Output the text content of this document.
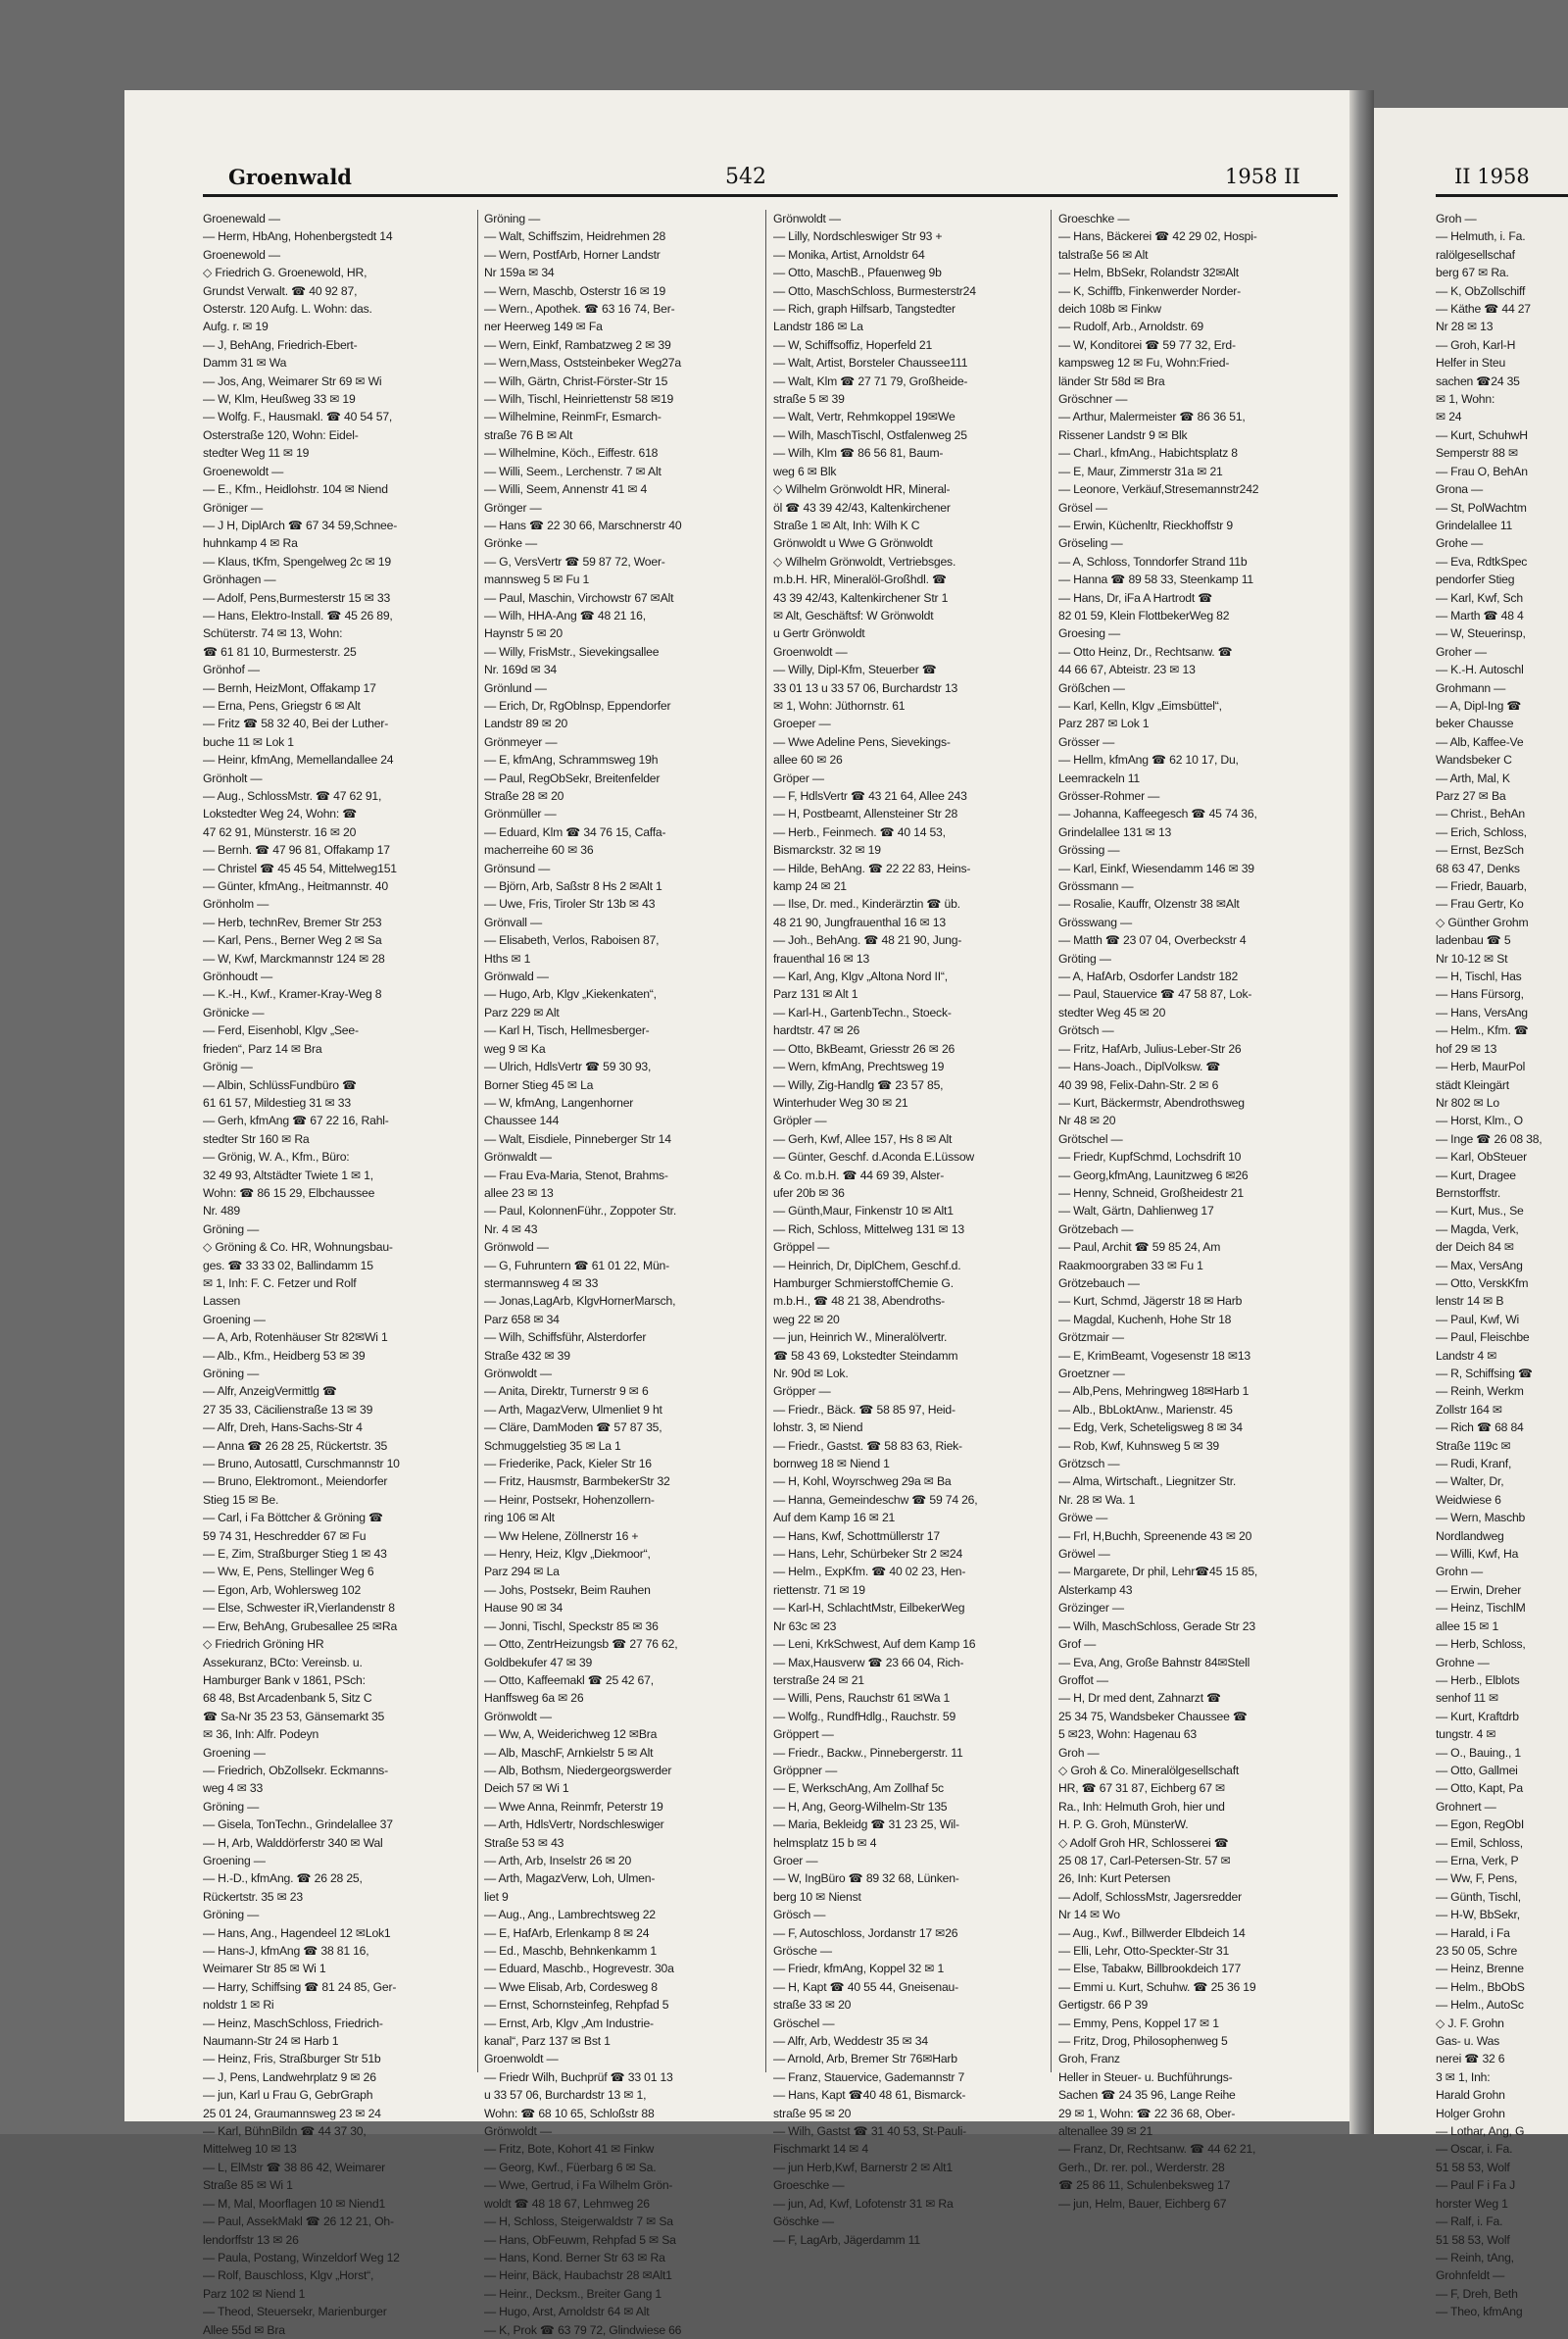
Groenwald	542	1958 II	II 1958
Groenewald —
— Herm, HbAng, Hohenbergstedt 14
Groenewold —
◇ Friedrich G. Groenewold, HR,
Grundst Verwalt. ☎ 40 92 87,
Osterstr. 120 Aufg. L. Wohn: das.
Aufg. r. ✉ 19
— J, BehAng, Friedrich-Ebert-
Damm 31 ✉ Wa
— Jos, Ang, Weimarer Str 69 ✉ Wi
— W, Klm, Heußweg 33 ✉ 19
— Wolfg. F., Hausmakl. ☎ 40 54 57,
Osterstraße 120, Wohn: Eidel-
stedter Weg 11 ✉ 19
Groenewoldt —
— E., Kfm., Heidlohstr. 104 ✉ Niend
Gröniger —
— J H, DiplArch ☎ 67 34 59,Schnee-
huhnkamp 4 ✉ Ra
— Klaus, tKfm, Spengelweg 2c ✉ 19
Grönhagen —
— Adolf, Pens,Burmesterstr 15 ✉ 33
— Hans, Elektro-Install. ☎ 45 26 89,
Schüterstr. 74 ✉ 13, Wohn:
☎ 61 81 10, Burmesterstr. 25
Grönhof —
— Bernh, HeizMont, Offakamp 17
— Erna, Pens, Griegstr 6 ✉ Alt
— Fritz ☎ 58 32 40, Bei der Luther-
buche 11 ✉ Lok 1
— Heinr, kfmAng, Memellandallee 24
Grönholt —
— Aug., SchlossMstr. ☎ 47 62 91,
Lokstedter Weg 24, Wohn: ☎
47 62 91, Münsterstr. 16 ✉ 20
— Bernh. ☎ 47 96 81, Offakamp 17
— Christel ☎ 45 45 54, Mittelweg151
— Günter, kfmAng., Heitmannstr. 40
Grönholm —
— Herb, technRev, Bremer Str 253
— Karl, Pens., Berner Weg 2 ✉ Sa
— W, Kwf, Marckmannstr 124 ✉ 28
Grönhoudt —
— K.-H., Kwf., Kramer-Kray-Weg 8
Grönicke —
— Ferd, Eisenhobl, Klgv „See-
frieden“, Parz 14 ✉ Bra
Grönig —
— Albin, SchlüssFundbüro ☎
61 61 57, Mildestieg 31 ✉ 33
— Gerh, kfmAng ☎ 67 22 16, Rahl-
stedter Str 160 ✉ Ra
— Grönig, W. A., Kfm., Büro:
32 49 93, Altstädter Twiete 1 ✉ 1,
Wohn: ☎ 86 15 29, Elbchaussee
Nr. 489
Gröning —
◇ Gröning & Co. HR, Wohnungsbau-
ges. ☎ 33 33 02, Ballindamm 15
✉ 1, Inh: F. C. Fetzer und Rolf
Lassen
Groening —
— A, Arb, Rotenhäuser Str 82✉Wi 1
— Alb., Kfm., Heidberg 53 ✉ 39
Gröning —
— Alfr, AnzeigVermittlg ☎
27 35 33, Cäcilienstraße 13 ✉ 39
— Alfr, Dreh, Hans-Sachs-Str 4
— Anna ☎ 26 28 25, Rückertstr. 35
— Bruno, Autosattl, Curschmannstr 10
— Bruno, Elektromont., Meiendorfer
Stieg 15 ✉ Be.
— Carl, i Fa Böttcher & Gröning ☎
59 74 31, Heschredder 67 ✉ Fu
— E, Zim, Straßburger Stieg 1 ✉ 43
— Ww, E, Pens, Stellinger Weg 6
— Egon, Arb, Wohlersweg 102
— Else, Schwester iR,Vierlandenstr 8
— Erw, BehAng, Grubesallee 25 ✉Ra
◇ Friedrich Gröning HR
Assekuranz, BCto: Vereinsb. u.
Hamburger Bank v 1861, PSch:
68 48, Bst Arcadenbank 5, Sitz C
☎ Sa-Nr 35 23 53, Gänsemarkt 35
✉ 36, Inh: Alfr. Podeyn
Groening —
— Friedrich, ObZollsekr. Eckmanns-
weg 4 ✉ 33
Gröning —
— Gisela, TonTechn., Grindelallee 37
— H, Arb, Walddörferstr 340 ✉ Wal
Groening —
— H.-D., kfmAng. ☎ 26 28 25,
Rückertstr. 35 ✉ 23
Gröning —
— Hans, Ang., Hagendeel 12 ✉Lok1
— Hans-J, kfmAng ☎ 38 81 16,
Weimarer Str 85 ✉ Wi 1
— Harry, Schiffsing ☎ 81 24 85, Ger-
noldstr 1 ✉ Ri
— Heinz, MaschSchloss, Friedrich-
Naumann-Str 24 ✉ Harb 1
— Heinz, Fris, Straßburger Str 51b
— J, Pens, Landwehrplatz 9 ✉ 26
— jun, Karl u Frau G, GebrGraph
25 01 24, Graumannsweg 23 ✉ 24
— Karl, BühnBildn ☎ 44 37 30,
Mittelweg 10 ✉ 13
— L, ElMstr ☎ 38 86 42, Weimarer
Straße 85 ✉ Wi 1
— M, Mal, Moorflagen 10 ✉ Niend1
— Paul, AssekMakl ☎ 26 12 21, Oh-
lendorffstr 13 ✉ 26
— Paula, Postang, Winzeldorf Weg 12
— Rolf, Bauschloss, Klgv „Horst“,
Parz 102 ✉ Niend 1
— Theod, Steuersekr, Marienburger
Allee 55d ✉ Bra
Gröning —
— Walt, Schiffszim, Heidrehmen 28
— Wern, PostfArb, Horner Landstr
Nr 159a ✉ 34
— Wern, Maschb, Osterstr 16 ✉ 19
— Wern., Apothek. ☎ 63 16 74, Ber-
ner Heerweg 149 ✉ Fa
— Wern, Einkf, Rambatzweg 2 ✉ 39
— Wern,Mass, Oststeinbeker Weg27a
— Wilh, Gärtn, Christ-Förster-Str 15
— Wilh, Tischl, Heinriettenstr 58 ✉19
— Wilhelmine, ReinmFr, Esmarch-
straße 76 B ✉ Alt
— Wilhelmine, Köch., Eiffestr. 618
— Willi, Seem., Lerchenstr. 7 ✉ Alt
— Willi, Seem, Annenstr 41 ✉ 4
Grönger —
— Hans ☎ 22 30 66, Marschnerstr 40
Grönke —
— G, VersVertr ☎ 59 87 72, Woer-
mannsweg 5 ✉ Fu 1
— Paul, Maschin, Virchowstr 67 ✉Alt
— Wilh, HHA-Ang ☎ 48 21 16,
Haynstr 5 ✉ 20
— Willy, FrisMstr., Sievekingsallee
Nr. 169d ✉ 34
Grönlund —
— Erich, Dr, RgOblnsp, Eppendorfer
Landstr 89 ✉ 20
Grönmeyer —
— E, kfmAng, Schrammsweg 19h
— Paul, RegObSekr, Breitenfelder
Straße 28 ✉ 20
Grönmüller —
— Eduard, Klm ☎ 34 76 15, Caffa-
macherreihe 60 ✉ 36
Grönsund —
— Björn, Arb, Saßstr 8 Hs 2 ✉Alt 1
— Uwe, Fris, Tiroler Str 13b ✉ 43
Grönvall —
— Elisabeth, Verlos, Raboisen 87,
Hths ✉ 1
Grönwald —
— Hugo, Arb, Klgv „Kiekenkaten“,
Parz 229 ✉ Alt
— Karl H, Tisch, Hellmesberger-
weg 9 ✉ Ka
— Ulrich, HdlsVertr ☎ 59 30 93,
Borner Stieg 45 ✉ La
— W, kfmAng, Langenhorner
Chaussee 144
— Walt, Eisdiele, Pinneberger Str 14
Grönwaldt —
— Frau Eva-Maria, Stenot, Brahms-
allee 23 ✉ 13
— Paul, KolonnenFühr., Zoppoter Str.
Nr. 4 ✉ 43
Grönwold —
— G, Fuhruntern ☎ 61 01 22, Mün-
stermannsweg 4 ✉ 33
— Jonas,LagArb, KlgvHornerMarsch,
Parz 658 ✉ 34
— Wilh, Schiffsführ, Alsterdorfer
Straße 432 ✉ 39
Grönwoldt —
— Anita, Direktr, Turnerstr 9 ✉ 6
— Arth, MagazVerw, Ulmenliet 9 ht
— Cläre, DamModen ☎ 57 87 35,
Schmuggelstieg 35 ✉ La 1
— Friederike, Pack, Kieler Str 16
— Fritz, Hausmstr, BarmbekerStr 32
— Heinr, Postsekr, Hohenzollern-
ring 106 ✉ Alt
— Ww Helene, Zöllnerstr 16 +
— Henry, Heiz, Klgv „Diekmoor“,
Parz 294 ✉ La
— Johs, Postsekr, Beim Rauhen
Hause 90 ✉ 34
— Jonni, Tischl, Speckstr 85 ✉ 36
— Otto, ZentrHeizungsb ☎ 27 76 62,
Goldbekufer 47 ✉ 39
— Otto, Kaffeemakl ☎ 25 42 67,
Hanffsweg 6a ✉ 26
Grönwoldt —
— Ww, A, Weiderichweg 12 ✉Bra
— Alb, MaschF, Arnkielstr 5 ✉ Alt
— Alb, Bothsm, Niedergeorgswerder
Deich 57 ✉ Wi 1
— Wwe Anna, Reinmfr, Peterstr 19
— Arth, HdlsVertr, Nordschleswiger
Straße 53 ✉ 43
— Arth, Arb, Inselstr 26 ✉ 20
— Arth, MagazVerw, Loh, Ulmen-
liet 9
— Aug., Ang., Lambrechtsweg 22
— E, HafArb, Erlenkamp 8 ✉ 24
— Ed., Maschb, Behnkenkamm 1
— Eduard, Maschb., Hogrevestr. 30a
— Wwe Elisab, Arb, Cordesweg 8
— Ernst, Schornsteinfeg, Rehpfad 5
— Ernst, Arb, Klgv „Am Industrie-
kanal“, Parz 137 ✉ Bst 1
Groenwoldt —
— Friedr Wilh, Buchprüf ☎ 33 01 13
u 33 57 06, Burchardstr 13 ✉ 1,
Wohn: ☎ 68 10 65, Schloßstr 88
Grönwoldt —
— Fritz, Bote, Kohort 41 ✉ Finkw
— Georg, Kwf., Füerbarg 6 ✉ Sa.
— Wwe, Gertrud, i Fa Wilhelm Grön-
woldt ☎ 48 18 67, Lehmweg 26
— H, Schloss, Steigerwaldstr 7 ✉ Sa
— Hans, ObFeuwm, Rehpfad 5 ✉ Sa
— Hans, Kond. Berner Str 63 ✉ Ra
— Heinr, Bäck, Haubachstr 28 ✉Alt1
— Heinr., Decksm., Breiter Gang 1
— Hugo, Arst, Arnoldstr 64 ✉ Alt
— K, Prok ☎ 63 79 72, Glindwiese 66
Grönwoldt —
— Lilly, Nordschleswiger Str 93 +
— Monika, Artist, Arnoldstr 64
— Otto, MaschB., Pfauenweg 9b
— Otto, MaschSchloss, Burmesterstr24
— Rich, graph Hilfsarb, Tangstedter
Landstr 186 ✉ La
— W, Schiffsoffiz, Hoperfeld 21
— Walt, Artist, Borsteler Chaussee111
— Walt, Klm ☎ 27 71 79, Großheide-
straße 5 ✉ 39
— Walt, Vertr, Rehmkoppel 19✉We
— Wilh, MaschTischl, Ostfalenweg 25
— Wilh, Klm ☎ 86 56 81, Baum-
weg 6 ✉ Blk
◇ Wilhelm Grönwoldt HR, Mineral-
öl ☎ 43 39 42/43, Kaltenkirchener
Straße 1 ✉ Alt, Inh: Wilh K C
Grönwoldt u Wwe G Grönwoldt
◇ Wilhelm Grönwoldt, Vertriebsges.
m.b.H. HR, Mineralöl-Großhdl. ☎
43 39 42/43, Kaltenkirchener Str 1
✉ Alt, Geschäftsf: W Grönwoldt
u Gertr Grönwoldt
Groenwoldt —
— Willy, Dipl-Kfm, Steuerber ☎
33 01 13 u 33 57 06, Burchardstr 13
✉ 1, Wohn: Jüthornstr. 61
Groeper —
— Wwe Adeline Pens, Sievekings-
allee 60 ✉ 26
Gröper —
— F, HdlsVertr ☎ 43 21 64, Allee 243
— H, Postbeamt, Allensteiner Str 28
— Herb., Feinmech. ☎ 40 14 53,
Bismarckstr. 32 ✉ 19
— Hilde, BehAng. ☎ 22 22 83, Heins-
kamp 24 ✉ 21
— Ilse, Dr. med., Kinderärztin ☎ üb.
48 21 90, Jungfrauenthal 16 ✉ 13
— Joh., BehAng. ☎ 48 21 90, Jung-
frauenthal 16 ✉ 13
— Karl, Ang, Klgv „Altona Nord II“,
Parz 131 ✉ Alt 1
— Karl-H., GartenbTechn., Stoeck-
hardtstr. 47 ✉ 26
— Otto, BkBeamt, Griesstr 26 ✉ 26
— Wern, kfmAng, Prechtsweg 19
— Willy, Zig-Handlg ☎ 23 57 85,
Winterhuder Weg 30 ✉ 21
Gröpler —
— Gerh, Kwf, Allee 157, Hs 8 ✉ Alt
— Günter, Geschf. d.Aconda E.Lüssow
& Co. m.b.H. ☎ 44 69 39, Alster-
ufer 20b ✉ 36
— Günth,Maur, Finkenstr 10 ✉ Alt1
— Rich, Schloss, Mittelweg 131 ✉ 13
Gröppel —
— Heinrich, Dr, DiplChem, Geschf.d.
Hamburger SchmierstoffChemie G.
m.b.H., ☎ 48 21 38, Abendroths-
weg 22 ✉ 20
— jun, Heinrich W., Mineralölvertr.
☎ 58 43 69, Lokstedter Steindamm
Nr. 90d ✉ Lok.
Gröpper —
— Friedr., Bäck. ☎ 58 85 97, Heid-
lohstr. 3, ✉ Niend
— Friedr., Gastst. ☎ 58 83 63, Riek-
bornweg 18 ✉ Niend 1
— H, Kohl, Woyrschweg 29a ✉ Ba
— Hanna, Gemeindeschw ☎ 59 74 26,
Auf dem Kamp 16 ✉ 21
— Hans, Kwf, Schottmüllerstr 17
— Hans, Lehr, Schürbeker Str 2 ✉24
— Helm., ExpKfm. ☎ 40 02 23, Hen-
riettenstr. 71 ✉ 19
— Karl-H, SchlachtMstr, EilbekerWeg
Nr 63c ✉ 23
— Leni, KrkSchwest, Auf dem Kamp 16
— Max,Hausverw ☎ 23 66 04, Rich-
terstraße 24 ✉ 21
— Willi, Pens, Rauchstr 61 ✉Wa 1
— Wolfg., RundfHdlg., Rauchstr. 59
Gröppert —
— Friedr., Backw., Pinnebergerstr. 11
Gröppner —
— E, WerkschAng, Am Zollhaf 5c
— H, Ang, Georg-Wilhelm-Str 135
— Maria, Bekleidg ☎ 31 23 25, Wil-
helmsplatz 15 b ✉ 4
Groer —
— W, IngBüro ☎ 89 32 68, Lünken-
berg 10 ✉ Nienst
Grösch —
— F, Autoschloss, Jordanstr 17 ✉26
Grösche —
— Friedr, kfmAng, Koppel 32 ✉ 1
— H, Kapt ☎ 40 55 44, Gneisenau-
straße 33 ✉ 20
Gröschel —
— Alfr, Arb, Weddestr 35 ✉ 34
— Arnold, Arb, Bremer Str 76✉Harb
— Franz, Stauervice, Gademannstr 7
— Hans, Kapt ☎40 48 61, Bismarck-
straße 95 ✉ 20
— Wilh, Gastst ☎ 31 40 53, St-Pauli-
Fischmarkt 14 ✉ 4
— jun Herb,Kwf, Barnerstr 2 ✉ Alt1
Groeschke —
— jun, Ad, Kwf, Lofotenstr 31 ✉ Ra
Göschke —
— F, LagArb, Jägerdamm 11
Groeschke —
— Hans, Bäckerei ☎ 42 29 02, Hospi-
talstraße 56 ✉ Alt
— Helm, BbSekr, Rolandstr 32✉Alt
— K, Schiffb, Finkenwerder Norder-
deich 108b ✉ Finkw
— Rudolf, Arb., Arnoldstr. 69
— W, Konditorei ☎ 59 77 32, Erd-
kampsweg 12 ✉ Fu, Wohn:Fried-
länder Str 58d ✉ Bra
Gröschner —
— Arthur, Malermeister ☎ 86 36 51,
Rissener Landstr 9 ✉ Blk
— Charl., kfmAng., Habichtsplatz 8
— E, Maur, Zimmerstr 31a ✉ 21
— Leonore, Verkäuf,Stresemannstr242
Grösel —
— Erwin, Küchenltr, Rieckhoffstr 9
Gröseling —
— A, Schloss, Tonndorfer Strand 11b
— Hanna ☎ 89 58 33, Steenkamp 11
— Hans, Dr, iFa A Hartrodt ☎
82 01 59, Klein FlottbekerWeg 82
Groesing —
— Otto Heinz, Dr., Rechtsanw. ☎
44 66 67, Abteistr. 23 ✉ 13
Größchen —
— Karl, Kelln, Klgv „Eimsbüttel“,
Parz 287 ✉ Lok 1
Grösser —
— Hellm, kfmAng ☎ 62 10 17, Du,
Leemrackeln 11
Grösser-Rohmer —
— Johanna, Kaffeegesch ☎ 45 74 36,
Grindelallee 131 ✉ 13
Grössing —
— Karl, Einkf, Wiesendamm 146 ✉ 39
Grössmann —
— Rosalie, Kauffr, Olzenstr 38 ✉Alt
Grösswang —
— Matth ☎ 23 07 04, Overbeckstr 4
Gröting —
— A, HafArb, Osdorfer Landstr 182
— Paul, Stauervice ☎ 47 58 87, Lok-
stedter Weg 45 ✉ 20
Grötsch —
— Fritz, HafArb, Julius-Leber-Str 26
— Hans-Joach., DiplVolksw. ☎
40 39 98, Felix-Dahn-Str. 2 ✉ 6
— Kurt, Bäckermstr, Abendrothsweg
Nr 48 ✉ 20
Grötschel —
— Friedr, KupfSchmd, Lochsdrift 10
— Georg,kfmAng, Launitzweg 6 ✉26
— Henny, Schneid, Großheidestr 21
— Walt, Gärtn, Dahlienweg 17
Grötzebach —
— Paul, Archit ☎ 59 85 24, Am
Raakmoorgraben 33 ✉ Fu 1
Grötzebauch —
— Kurt, Schmd, Jägerstr 18 ✉ Harb
— Magdal, Kuchenh, Hohe Str 18
Grötzmair —
— E, KrimBeamt, Vogesenstr 18 ✉13
Groetzner —
— Alb,Pens, Mehringweg 18✉Harb 1
— Alb., BbLoktAnw., Marienstr. 45
— Edg, Verk, Scheteligsweg 8 ✉ 34
— Rob, Kwf, Kuhnsweg 5 ✉ 39
Grötzsch —
— Alma, Wirtschaft., Liegnitzer Str.
Nr. 28 ✉ Wa. 1
Gröwe —
— Frl, H,Buchh, Spreenende 43 ✉ 20
Gröwel —
— Margarete, Dr phil, Lehr☎45 15 85,
Alsterkamp 43
Grözinger —
— Wilh, MaschSchloss, Gerade Str 23
Grof —
— Eva, Ang, Große Bahnstr 84✉Stell
Groffot —
— H, Dr med dent, Zahnarzt ☎
25 34 75, Wandsbeker Chaussee ☎
5 ✉23, Wohn: Hagenau 63
Groh —
◇ Groh & Co. Mineralölgesellschaft
HR, ☎ 67 31 87, Eichberg 67 ✉
Ra., Inh: Helmuth Groh, hier und
H. P. G. Groh, MünsterW.
◇ Adolf Groh HR, Schlosserei ☎
25 08 17, Carl-Petersen-Str. 57 ✉
26, Inh: Kurt Petersen
— Adolf, SchlossMstr, Jagersredder
Nr 14 ✉ Wo
— Aug., Kwf., Billwerder Elbdeich 14
— Elli, Lehr, Otto-Speckter-Str 31
— Else, Tabakw, Billbrookdeich 177
— Emmi u. Kurt, Schuhw. ☎ 25 36 19
Gertigstr. 66 P 39
— Emmy, Pens, Koppel 17 ✉ 1
— Fritz, Drog, Philosophenweg 5
Groh, Franz
Heller in Steuer- u. Buchführungs-
Sachen ☎ 24 35 96, Lange Reihe
29 ✉ 1, Wohn: ☎ 22 36 68, Ober-
altenallee 39 ✉ 21
— Franz, Dr, Rechtsanw. ☎ 44 62 21,
Gerh., Dr. rer. pol., Werderstr. 28
☎ 25 86 11, Schulenbeksweg 17
— jun, Helm, Bauer, Eichberg 67
Groh —
— Helmuth, i. Fa.
ralölgesellschaf
berg 67 ✉ Ra.
— K, ObZollschiff
— Käthe ☎ 44 27
Nr 28 ✉ 13
— Groh, Karl-H
Helfer in Steu
sachen ☎24 35
✉ 1, Wohn:
✉ 24
— Kurt, SchuhwH
Semperstr 88 ✉
— Frau O, BehAn
Grona —
— St, PolWachtm
Grindelallee 11
Grohe —
— Eva, RdtkSpec
pendorfer Stieg
— Karl, Kwf, Sch
— Marth ☎ 48 4
— W, Steuerinsp,
Groher —
— K.-H. Autoschl
Grohmann —
— A, Dipl-Ing ☎
beker Chausse
— Alb, Kaffee-Ve
Wandsbeker C
— Arth, Mal, K
Parz 27 ✉ Ba
— Christ., BehAn
— Erich, Schloss,
— Ernst, BezSch
68 63 47, Denks
— Friedr, Bauarb,
— Frau Gertr, Ko
◇ Günther Grohm
ladenbau ☎ 5
Nr 10-12 ✉ St
— H, Tischl, Has
— Hans Fürsorg,
— Hans, VersAng
— Helm., Kfm. ☎
hof 29 ✉ 13
— Herb, MaurPol
städt Kleingärt
Nr 802 ✉ Lo
— Horst, Klm., O
— Inge ☎ 26 08 38,
— Karl, ObSteuer
— Kurt, Dragee
Bernstorffstr.
— Kurt, Mus., Se
— Magda, Verk,
der Deich 84 ✉
— Max, VersAng
— Otto, VerskKfm
lenstr 14 ✉ B
— Paul, Kwf, Wi
— Paul, Fleischbe
Landstr 4 ✉
— R, Schiffsing ☎
— Reinh, Werkm
Zollstr 164 ✉
— Rich ☎ 68 84
Straße 119c ✉
— Rudi, Kranf,
— Walter, Dr,
Weidwiese 6
— Wern, Maschb
Nordlandweg
— Willi, Kwf, Ha
Grohn —
— Erwin, Dreher
— Heinz, TischlM
allee 15 ✉ 1
— Herb, Schloss,
Grohne —
— Herb., Elblots
senhof 11 ✉
— Kurt, Kraftdrb
tungstr. 4 ✉
— O., Bauing., 1
— Otto, Gallmei
— Otto, Kapt, Pa
Grohnert —
— Egon, RegObI
— Emil, Schloss,
— Erna, Verk, P
— Ww, F, Pens,
— Günth, Tischl,
— H-W, BbSekr,
— Harald, i Fa
23 50 05, Schre
— Heinz, Brenne
— Helm., BbObS
— Helm., AutoSc
◇ J. F. Grohn
Gas- u. Was
nerei ☎ 32 6
3 ✉ 1, Inh:
Harald Grohn
Holger Grohn
— Lothar, Ang, G
— Oscar, i. Fa.
51 58 53, Wolf
— Paul F i Fa J
horster Weg 1
— Ralf, i. Fa.
51 58 53, Wolf
— Reinh, tAng,
Grohnfeldt —
— F, Dreh, Beth
— Theo, kfmAng
